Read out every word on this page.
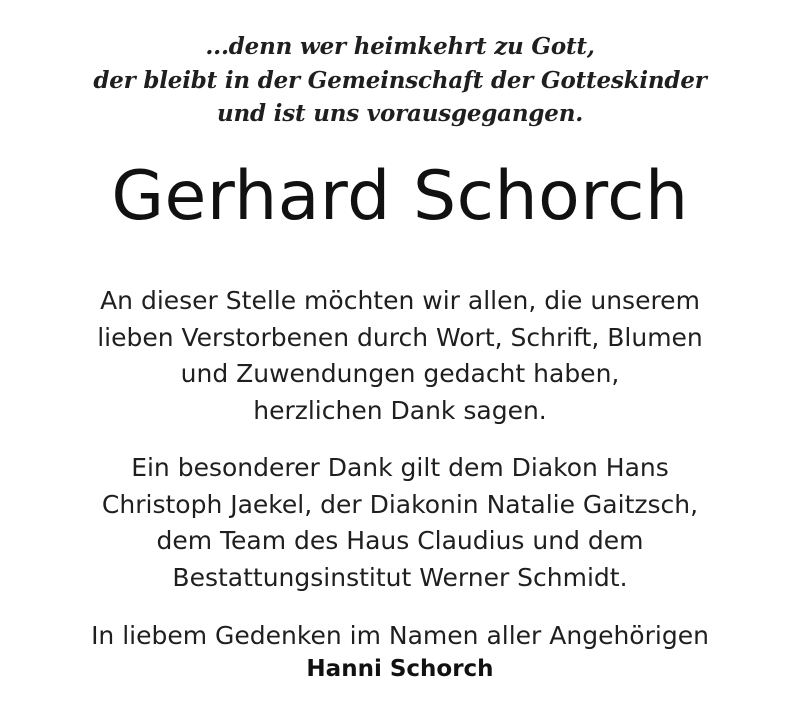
...denn wer heimkehrt zu Gott,
der bleibt in der Gemeinschaft der Gotteskinder
und ist uns vorausgegangen.
Gerhard Schorch
An dieser Stelle möchten wir allen, die unserem
lieben Verstorbenen durch Wort, Schrift, Blumen
und Zuwendungen gedacht haben,
herzlichen Dank sagen.
Ein besonderer Dank gilt dem Diakon Hans
Christoph Jaekel, der Diakonin Natalie Gaitzsch,
dem Team des Haus Claudius und dem
Bestattungsinstitut Werner Schmidt.
In liebem Gedenken im Namen aller Angehörigen
Hanni Schorch
